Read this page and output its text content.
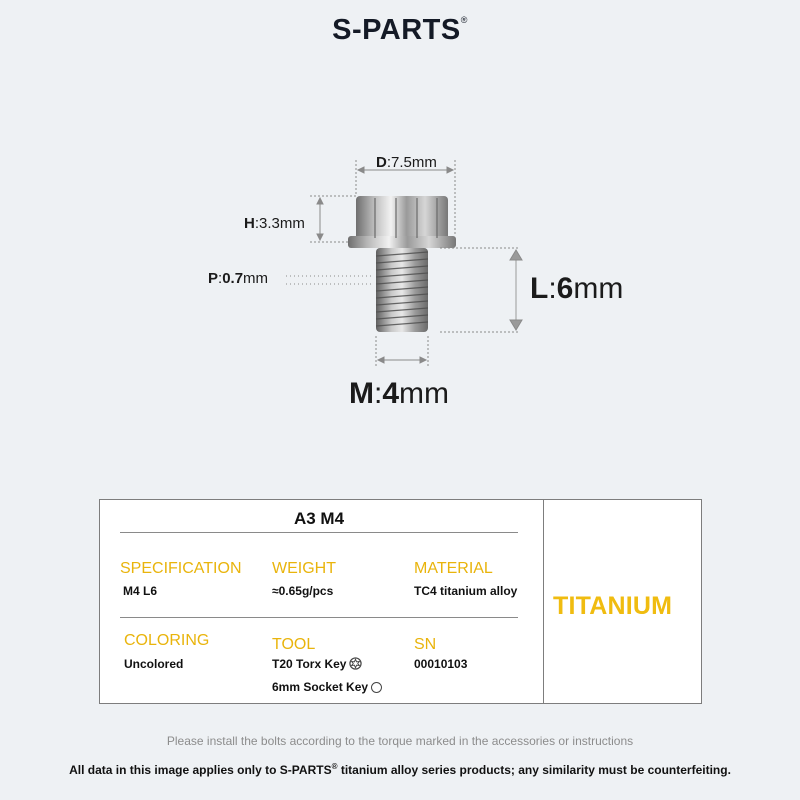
S-PARTS®
D:7.5mm
H:3.3mm
P:0.7mm	L:6mm
M:4mm
A3 M4
SPECIFICATION
M4 L6
WEIGHT
≈0.65g/pcs
MATERIAL
TC4 titanium alloy
COLORING
Uncolored
TOOL
T20 Torx Key
6mm Socket Key
SN
00010103
TITANIUM
Please install the bolts according to the torque marked in the accessories or instructions
All data in this image applies only to S-PARTS® titanium alloy series products; any similarity must be counterfeiting.
